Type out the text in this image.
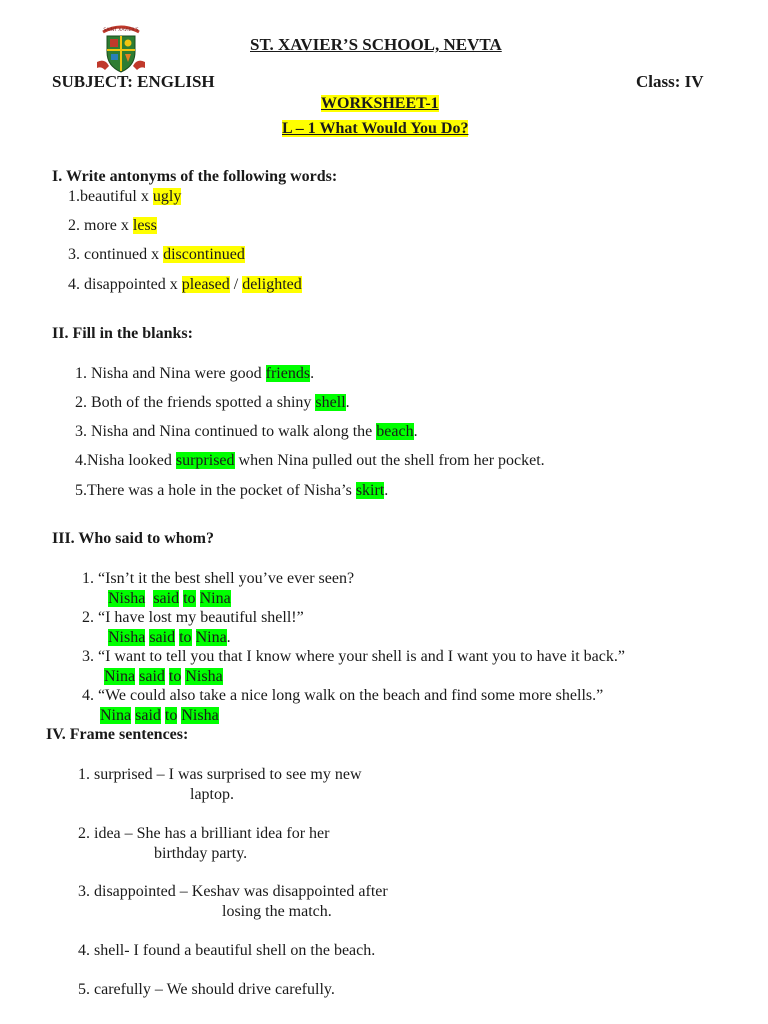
SAINT XAVIER'S
ST. XAVIER’S SCHOOL, NEVTA
SUBJECT: ENGLISH	Class: IV
WORKSHEET-1
L – 1 What Would You Do?
I. Write antonyms of the following words:
1.beautiful x ugly
2. more x less
3. continued x discontinued
4. disappointed x pleased / delighted
II. Fill in the blanks:
1. Nisha and Nina were good friends.
2. Both of the friends spotted a shiny shell.
3. Nisha and Nina continued to walk along the beach.
4.Nisha looked surprised when Nina pulled out the shell from her pocket.
5.There was a hole in the pocket of Nisha’s skirt.
III. Who said to whom?
1. “Isn’t it the best shell you’ve ever seen?
Nisha said to Nina
2. “I have lost my beautiful shell!”
Nisha said to Nina.
3. “I want to tell you that I know where your shell is and I want you to have it back.”
Nina said to Nisha
4. “We could also take a nice long walk on the beach and find some more shells.”
Nina said to Nisha
IV. Frame sentences:
1. surprised – I was surprised to see my new
laptop.
2. idea – She has a brilliant idea for her
birthday party.
3. disappointed – Keshav was disappointed after
losing the match.
4. shell- I found a beautiful shell on the beach.
5. carefully – We should drive carefully.
